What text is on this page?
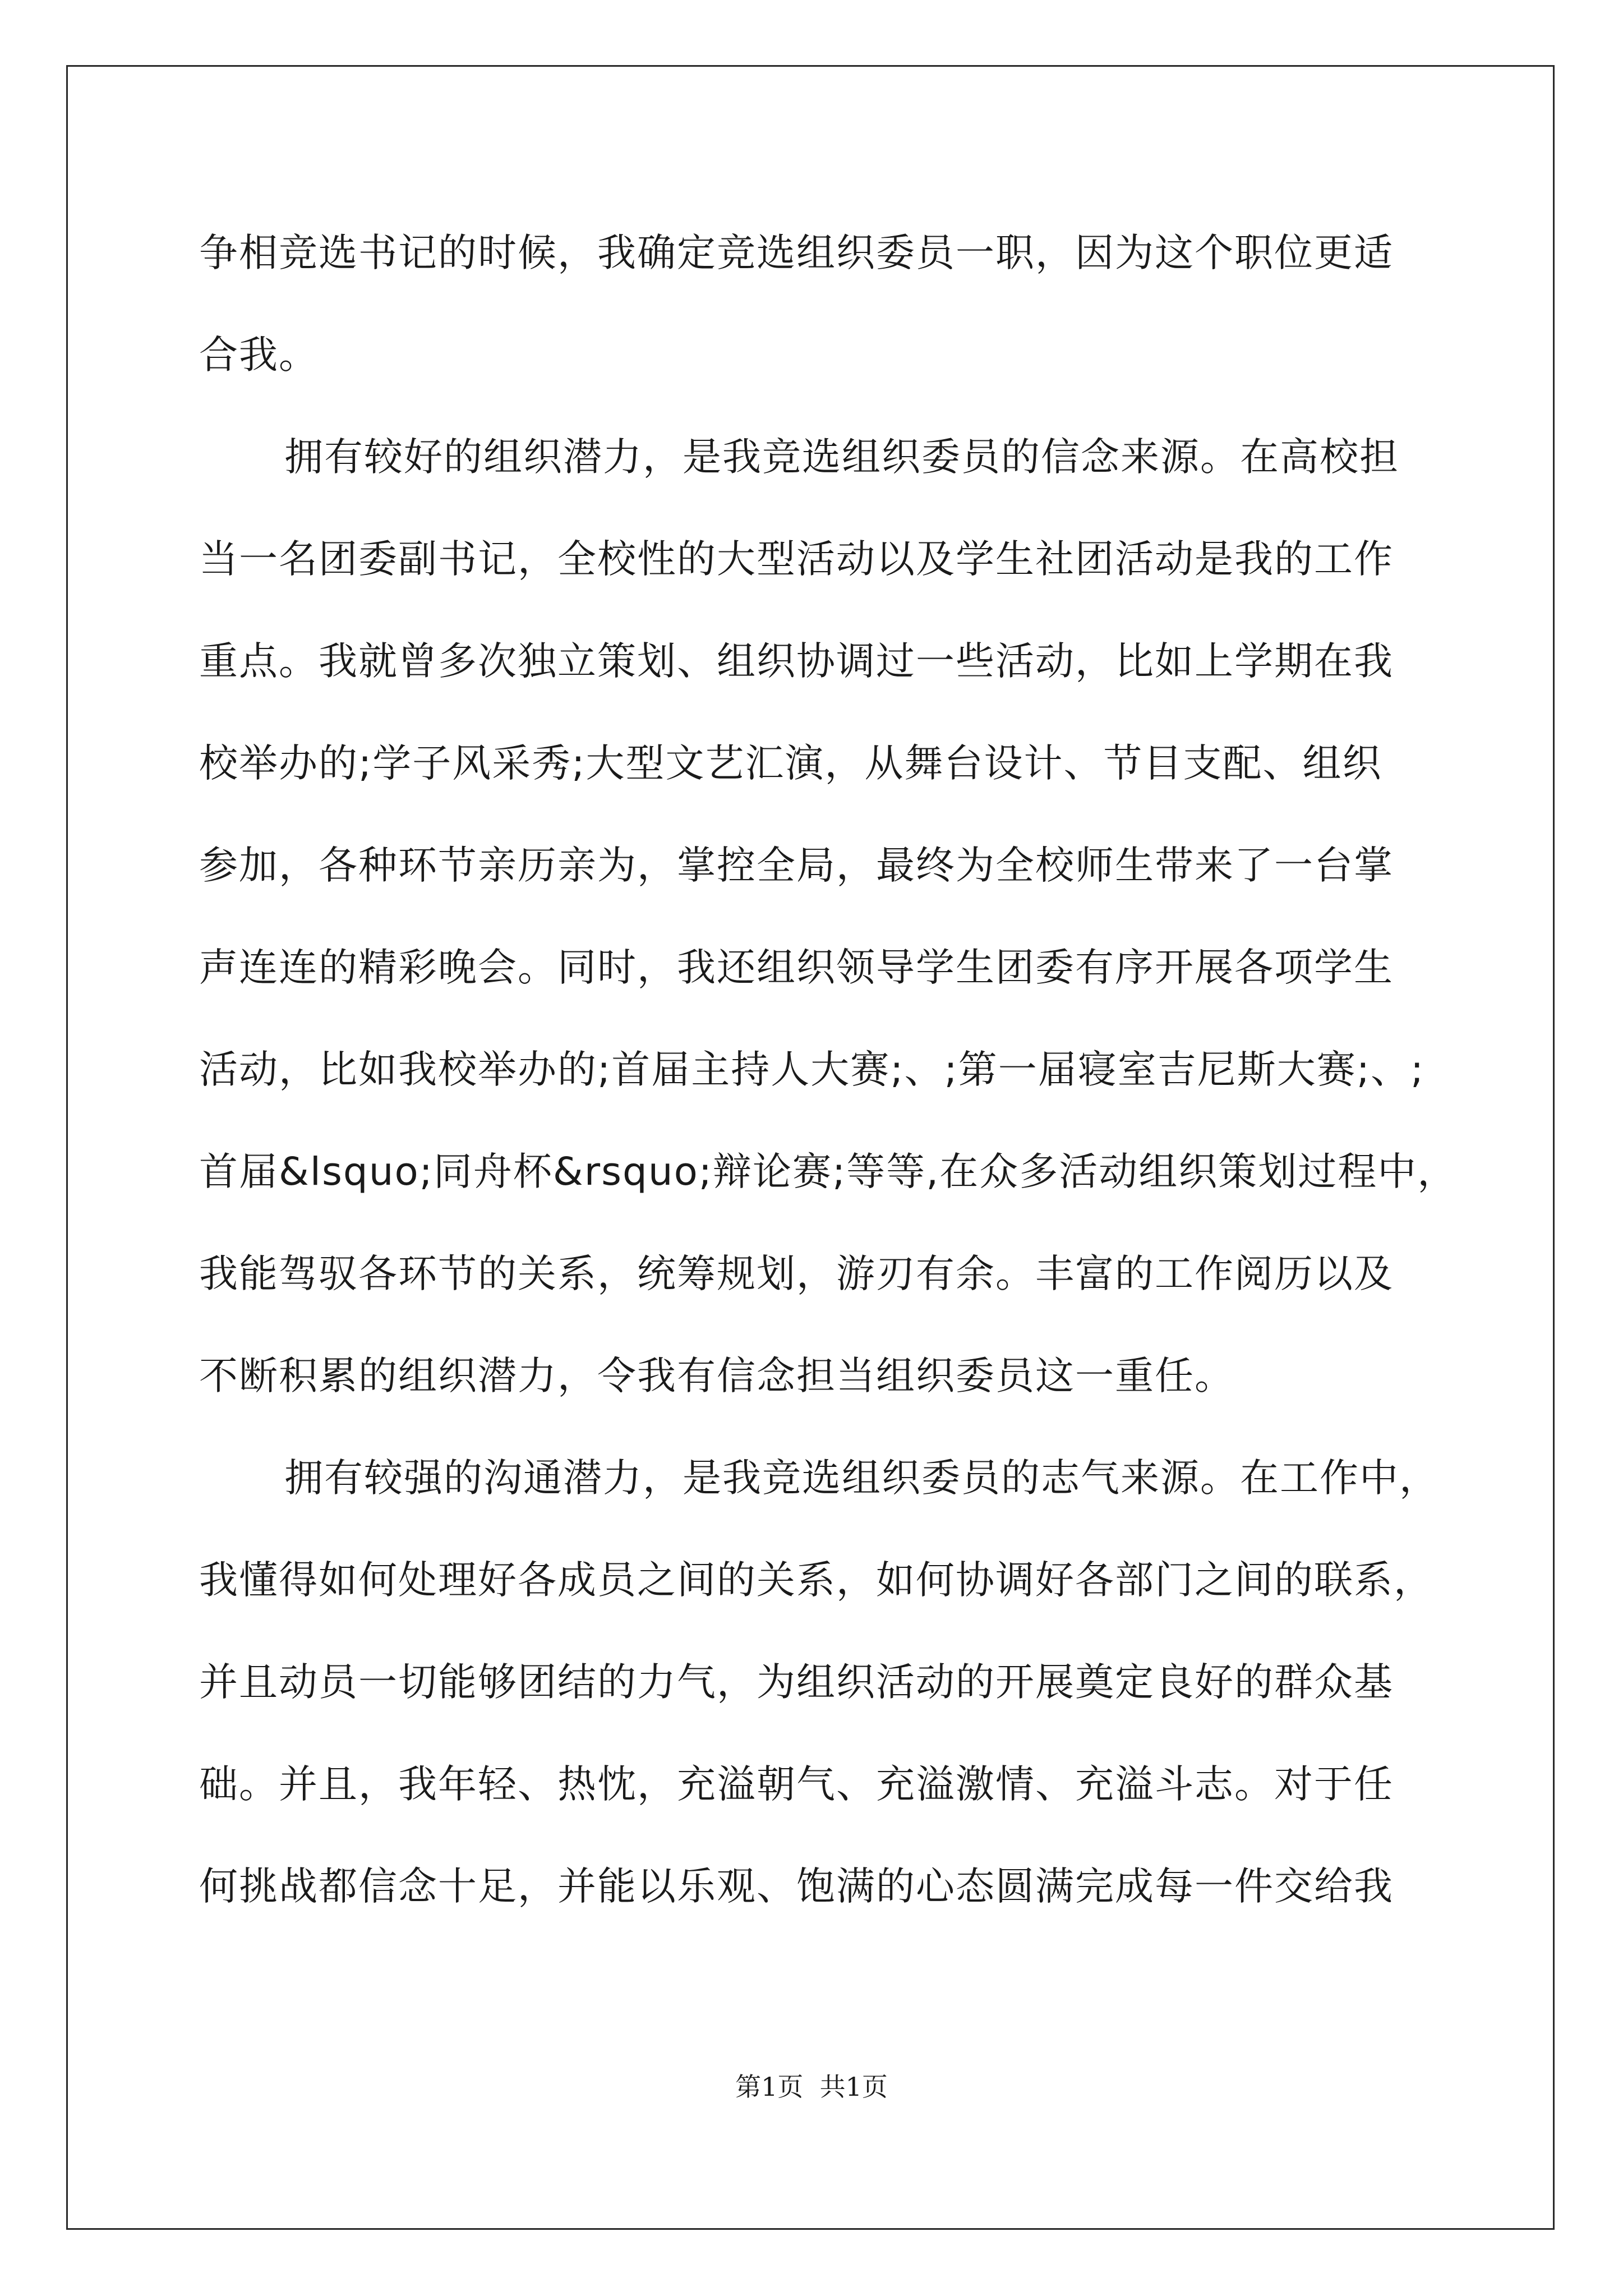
争相竞选书记的时候，我确定竞选组织委员一职，因为这个职位更适
合我。
拥有较好的组织潜力，是我竞选组织委员的信念来源。在高校担
当一名团委副书记，全校性的大型活动以及学生社团活动是我的工作
重点。我就曾多次独立策划、组织协调过一些活动，比如上学期在我
校举办的;学子风采秀;大型文艺汇演，从舞台设计、节目支配、组织
参加，各种环节亲历亲为，掌控全局，最终为全校师生带来了一台掌
声连连的精彩晚会。同时，我还组织领导学生团委有序开展各项学生
活动，比如我校举办的;首届主持人大赛;、;第一届寝室吉尼斯大赛;、;
首届&lsquo;同舟杯&rsquo;辩论赛;等等,在众多活动组织策划过程中，
我能驾驭各环节的关系，统筹规划，游刃有余。丰富的工作阅历以及
不断积累的组织潜力，令我有信念担当组织委员这一重任。
拥有较强的沟通潜力，是我竞选组织委员的志气来源。在工作中，
我懂得如何处理好各成员之间的关系，如何协调好各部门之间的联系，
并且动员一切能够团结的力气，为组织活动的开展奠定良好的群众基
础。并且，我年轻、热忱，充溢朝气、充溢激情、充溢斗志。对于任
何挑战都信念十足，并能以乐观、饱满的心态圆满完成每一件交给我
第1页  共1页
